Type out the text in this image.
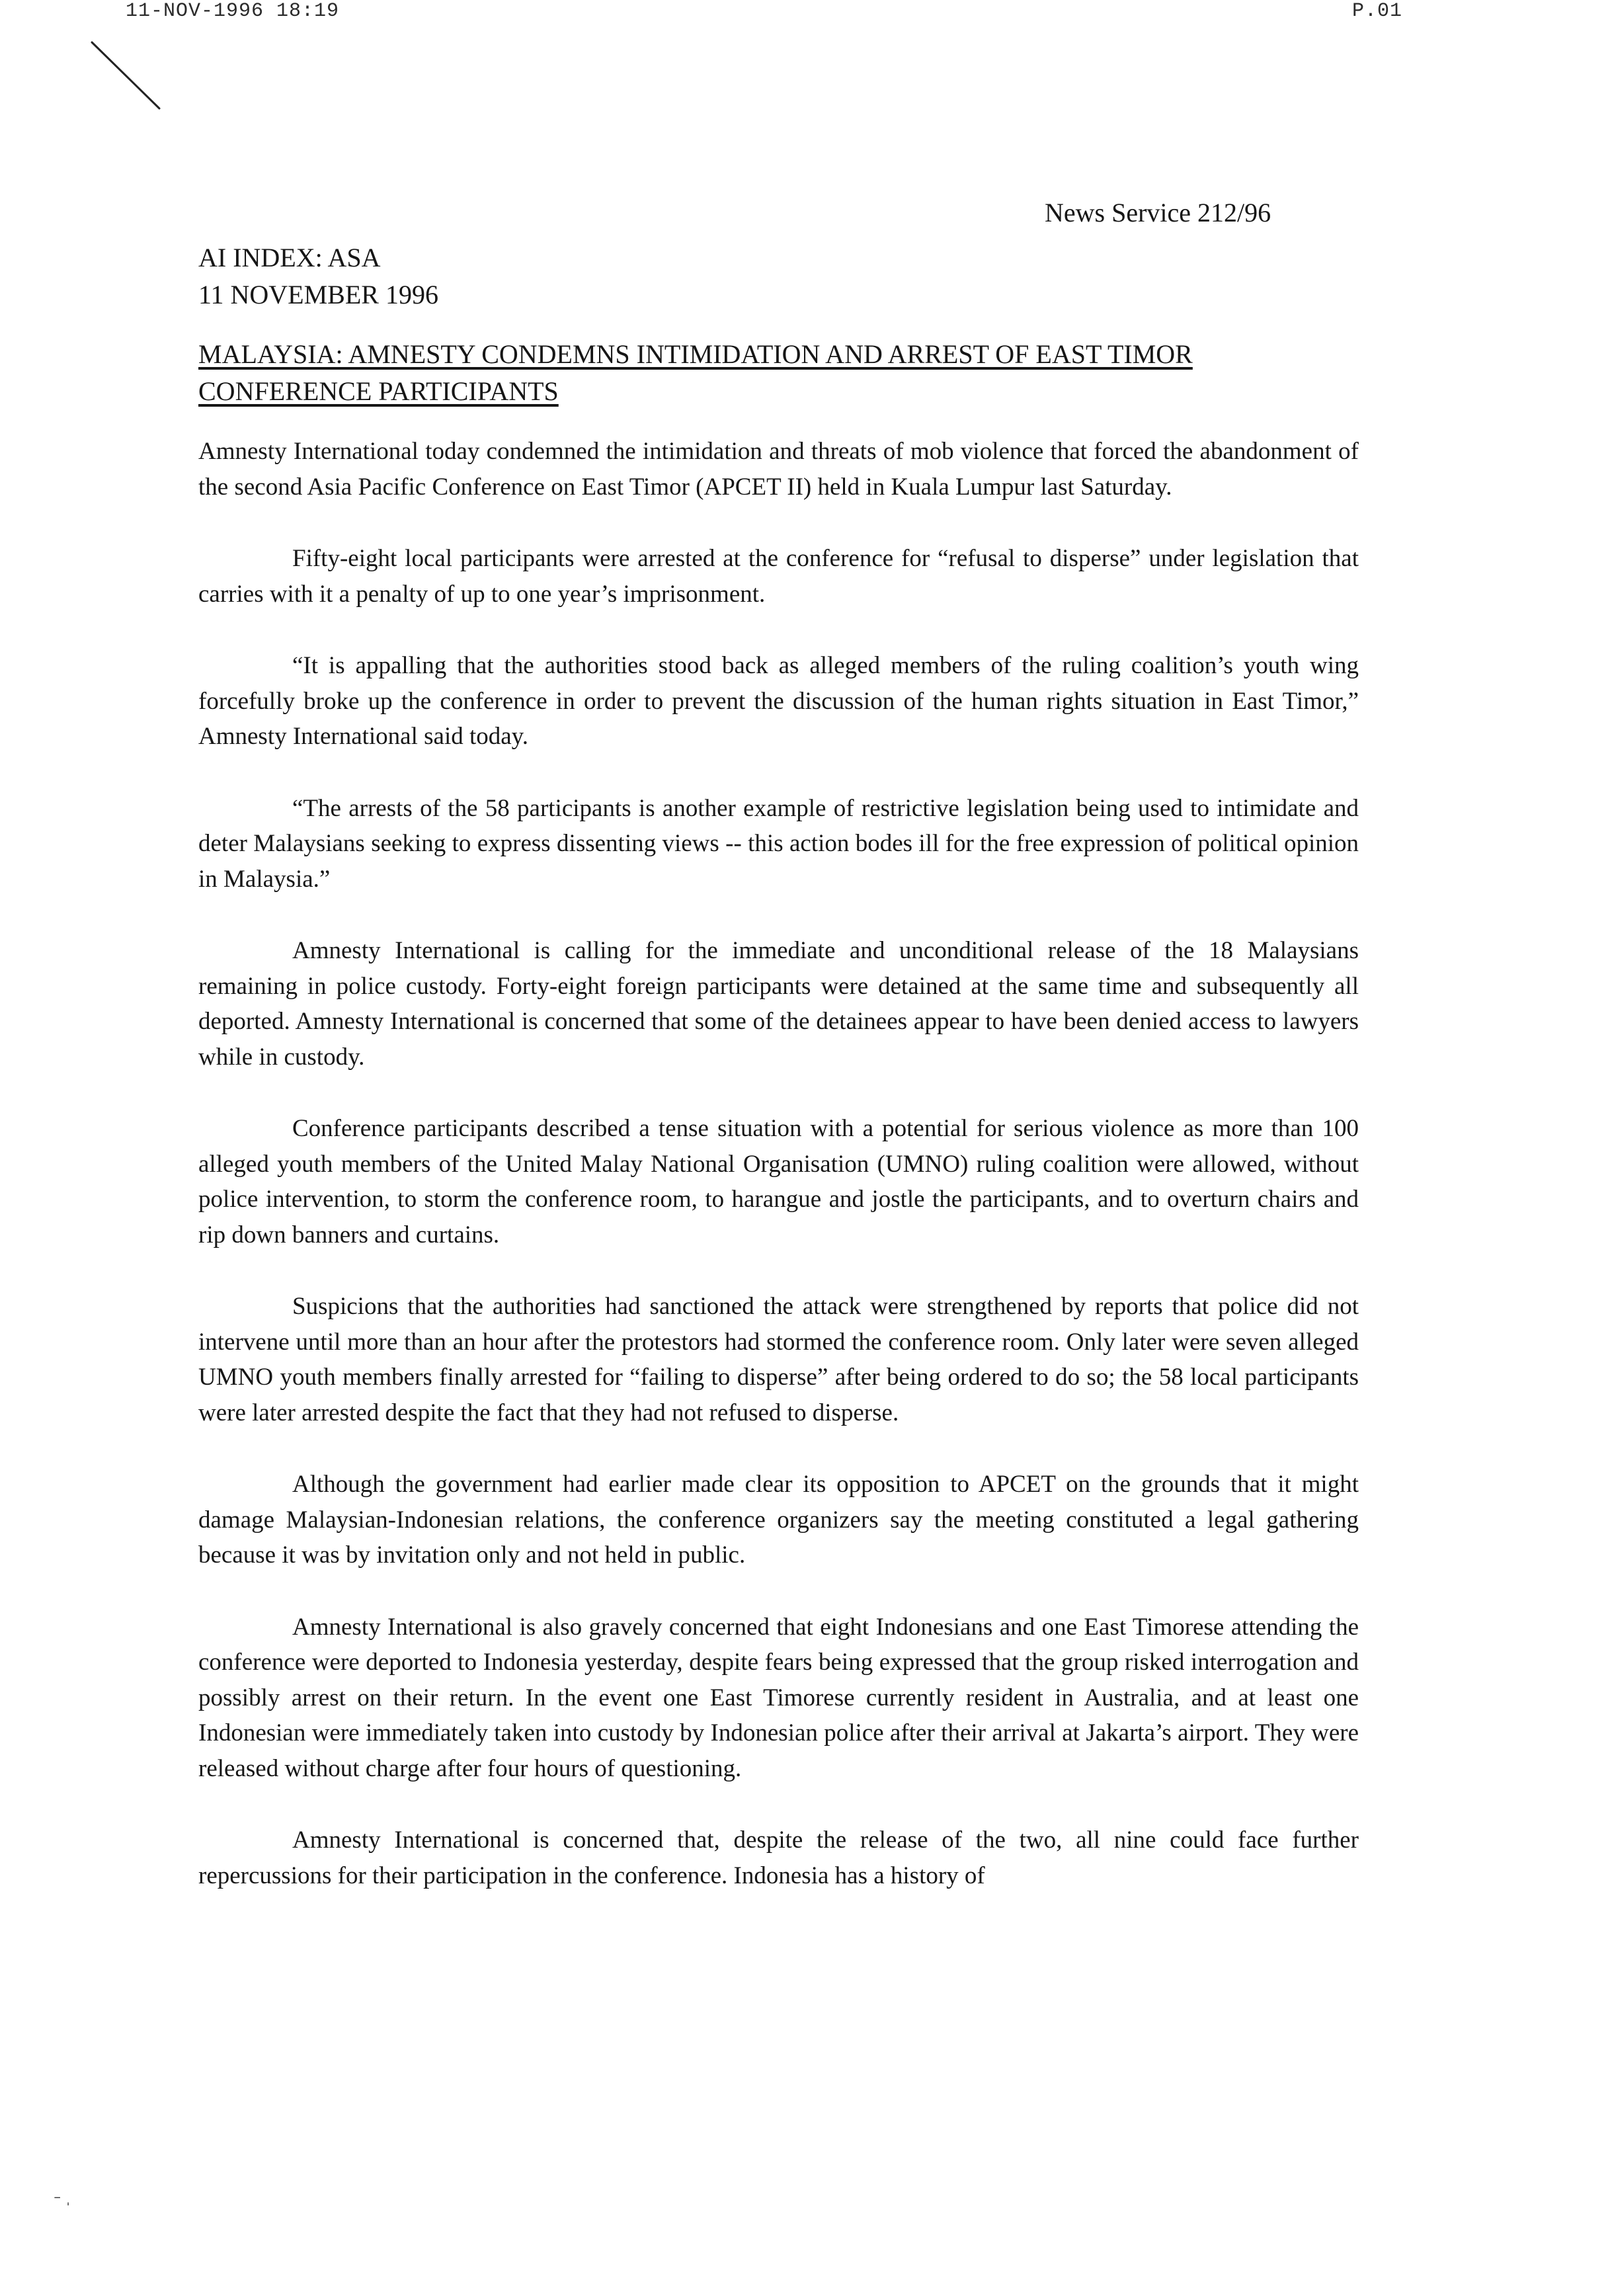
11-NOV-1996 18:19	P.01
News Service 212/96
AI INDEX: ASA
11 NOVEMBER 1996
MALAYSIA: AMNESTY CONDEMNS INTIMIDATION AND ARREST OF EAST TIMOR CONFERENCE PARTICIPANTS

Amnesty International today condemned the intimidation and threats of mob violence that forced the abandonment of the second Asia Pacific Conference on East Timor (APCET II) held in Kuala Lumpur last Saturday.

Fifty-eight local participants were arrested at the conference for “refusal to disperse” under legislation that carries with it a penalty of up to one year’s imprisonment.

“It is appalling that the authorities stood back as alleged members of the ruling coalition’s youth wing forcefully broke up the conference in order to prevent the discussion of the human rights situation in East Timor,” Amnesty International said today.

“The arrests of the 58 participants is another example of restrictive legislation being used to intimidate and deter Malaysians seeking to express dissenting views -- this action bodes ill for the free expression of political opinion in Malaysia.”

Amnesty International is calling for the immediate and unconditional release of the 18 Malaysians remaining in police custody. Forty-eight foreign participants were detained at the same time and subsequently all deported. Amnesty International is concerned that some of the detainees appear to have been denied access to lawyers while in custody.

Conference participants described a tense situation with a potential for serious violence as more than 100 alleged youth members of the United Malay National Organisation (UMNO) ruling coalition were allowed, without police intervention, to storm the conference room, to harangue and jostle the participants, and to overturn chairs and rip down banners and curtains.

Suspicions that the authorities had sanctioned the attack were strengthened by reports that police did not intervene until more than an hour after the protestors had stormed the conference room. Only later were seven alleged UMNO youth members finally arrested for “failing to disperse” after being ordered to do so; the 58 local participants were later arrested despite the fact that they had not refused to disperse.

Although the government had earlier made clear its opposition to APCET on the grounds that it might damage Malaysian-Indonesian relations, the conference organizers say the meeting constituted a legal gathering because it was by invitation only and not held in public.

Amnesty International is also gravely concerned that eight Indonesians and one East Timorese attending the conference were deported to Indonesia yesterday, despite fears being expressed that the group risked interrogation and possibly arrest on their return. In the event one East Timorese currently resident in Australia, and at least one Indonesian were immediately taken into custody by Indonesian police after their arrival at Jakarta’s airport. They were released without charge after four hours of questioning.

Amnesty International is concerned that, despite the release of the two, all nine could face further repercussions for their participation in the conference. Indonesia has a history of

˗ ˌ
